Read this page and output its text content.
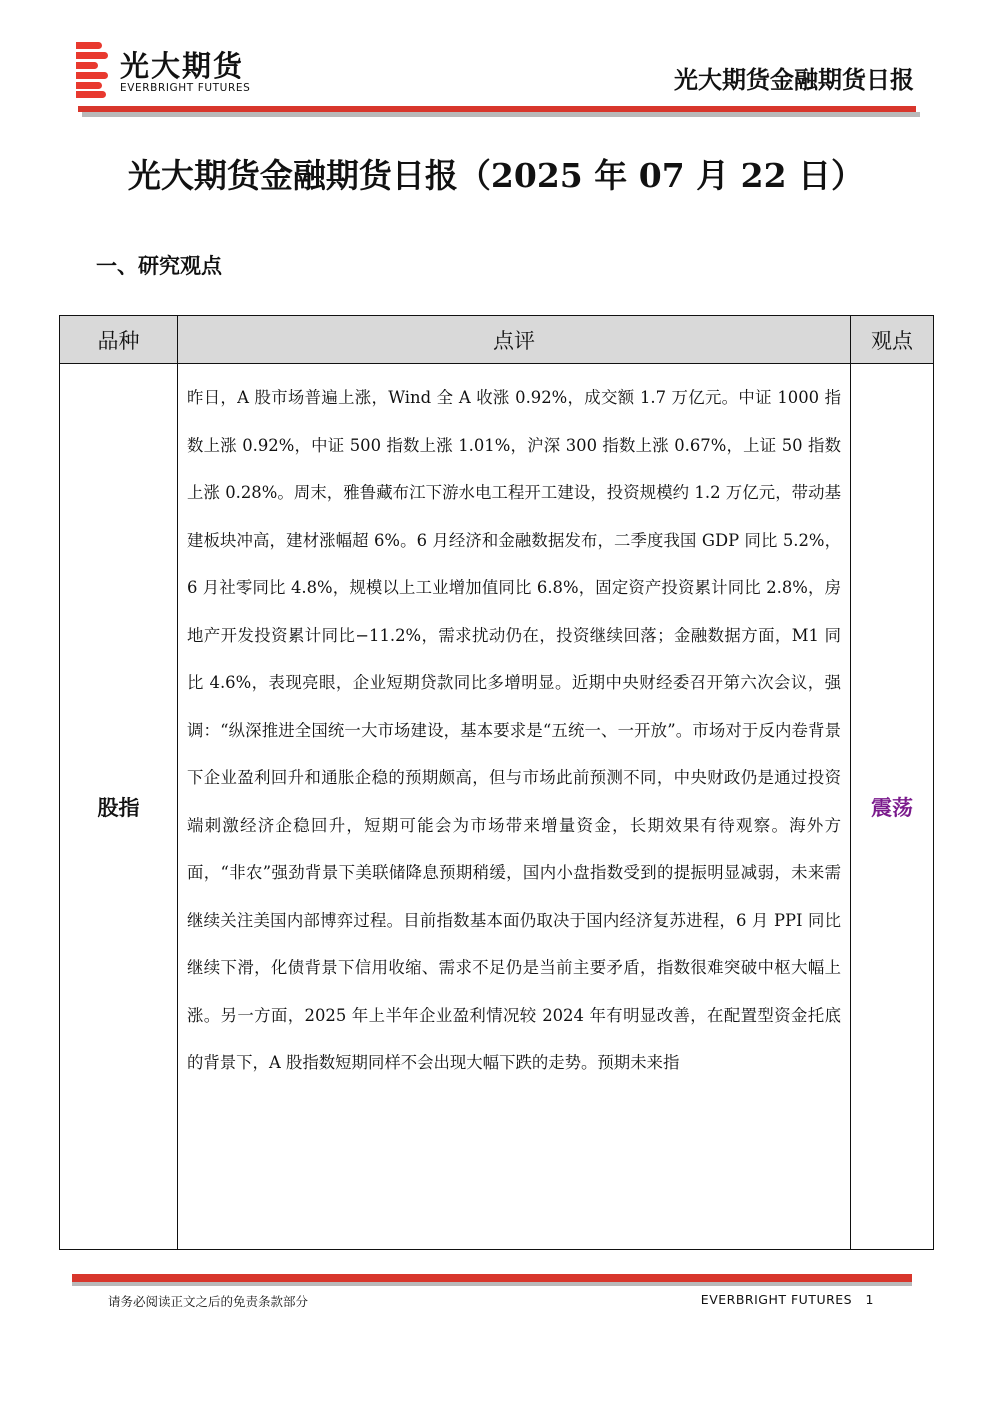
光大期货
EVERBRIGHT FUTURES	光大期货金融期货日报
光大期货金融期货日报（2025 年 07 月 22 日）
一、研究观点
品种	点评	观点
股指	昨日，A 股市场普遍上涨，Wind 全 A 收涨 0.92%，成交额 1.7 万亿元。中证 1000 指数上涨 0.92%，中证 500 指数上涨 1.01%，沪深 300 指数上涨 0.67%，上证 50 指数上涨 0.28%。周末，雅鲁藏布江下游水电工程开工建设，投资规模约 1.2 万亿元，带动基建板块冲高，建材涨幅超 6%。6 月经济和金融数据发布，二季度我国 GDP 同比 5.2%，6 月社零同比 4.8%，规模以上工业增加值同比 6.8%，固定资产投资累计同比 2.8%，房地产开发投资累计同比−11.2%，需求扰动仍在，投资继续回落；金融数据方面，M1 同比 4.6%，表现亮眼，企业短期贷款同比多增明显。近期中央财经委召开第六次会议，强调：“纵深推进全国统一大市场建设，基本要求是“五统一、一开放”。市场对于反内卷背景下企业盈利回升和通胀企稳的预期颇高，但与市场此前预测不同，中央财政仍是通过投资端刺激经济企稳回升，短期可能会为市场带来增量资金，长期效果有待观察。海外方面，“非农”强劲背景下美联储降息预期稍缓，国内小盘指数受到的提振明显减弱，未来需继续关注美国内部博弈过程。目前指数基本面仍取决于国内经济复苏进程，6 月 PPI 同比继续下滑，化债背景下信用收缩、需求不足仍是当前主要矛盾，指数很难突破中枢大幅上涨。另一方面，2025 年上半年企业盈利情况较 2024 年有明显改善，在配置型资金托底的背景下，A 股指数短期同样不会出现大幅下跌的走势。预期未来指	震荡
请务必阅读正文之后的免责条款部分	EVERBRIGHT FUTURES 1
